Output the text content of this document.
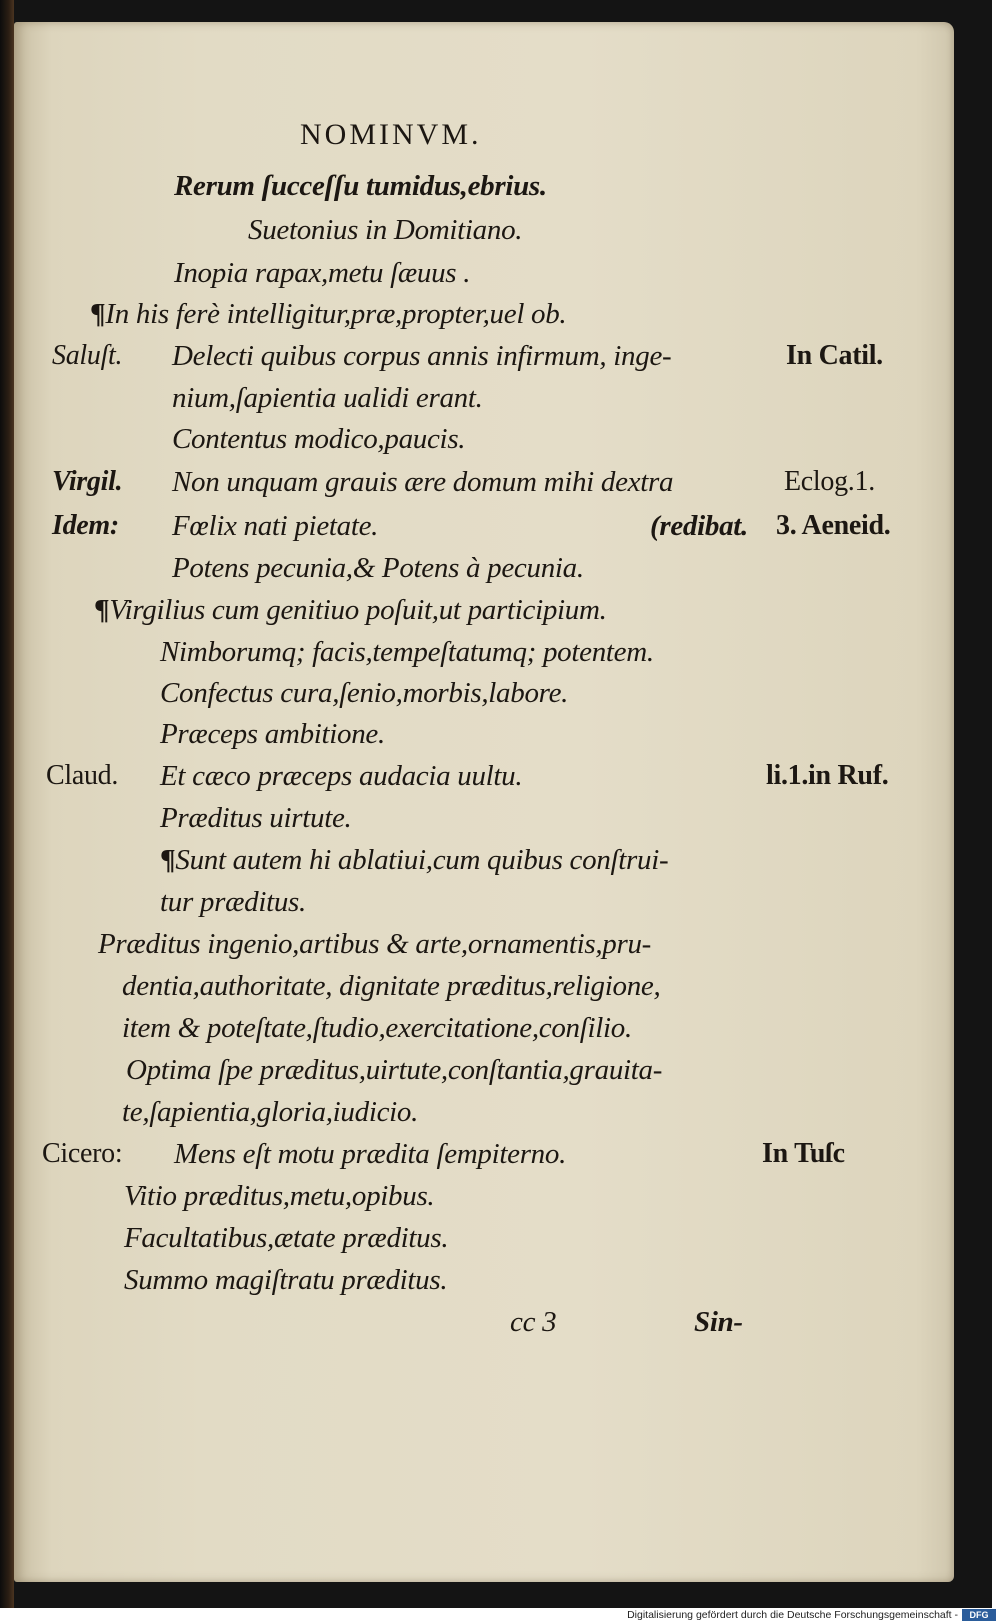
NOMINVM.
Rerum ſucceſſu tumidus,ebrius.
Suetonius in Domitiano.
Inopia rapax,metu ſæuus .
¶In his ferè intelligitur,præ,propter,uel ob.
Saluſt. Delecti quibus corpus annis infirmum, inge-	In Catil.
nium,ſapientia ualidi erant.
Contentus modico,paucis.
Virgil. Non unquam grauis ære domum mihi dextra	Eclog.1.
Idem: Fœlix nati pietate.	(redibat. 3. Aeneid.
Potens pecunia,& Potens à pecunia.
¶Virgilius cum genitiuo poſuit,ut participium.
Nimborumq; facis,tempeſtatumq; potentem.
Confectus cura,ſenio,morbis,labore.
Præceps ambitione.
Claud. Et cæco præceps audacia uultu.	li.1.in Ruf.
Præditus uirtute.
¶Sunt autem hi ablatiui,cum quibus conſtrui-
tur præditus.
Præditus ingenio,artibus & arte,ornamentis,pru-
dentia,authoritate, dignitate præditus,religione,
item & poteſtate,ſtudio,exercitatione,conſilio.
Optima ſpe præditus,uirtute,conſtantia,grauita-
te,ſapientia,gloria,iudicio.
Cicero: Mens eſt motu prædita ſempiterno.	In Tuſc
Vitio præditus,metu,opibus.
Facultatibus,ætate præditus.
Summo magiſtratu præditus.
cc 3	Sin-
Digitalisierung gefördert durch die Deutsche Forschungsgemeinschaft -	DFG
